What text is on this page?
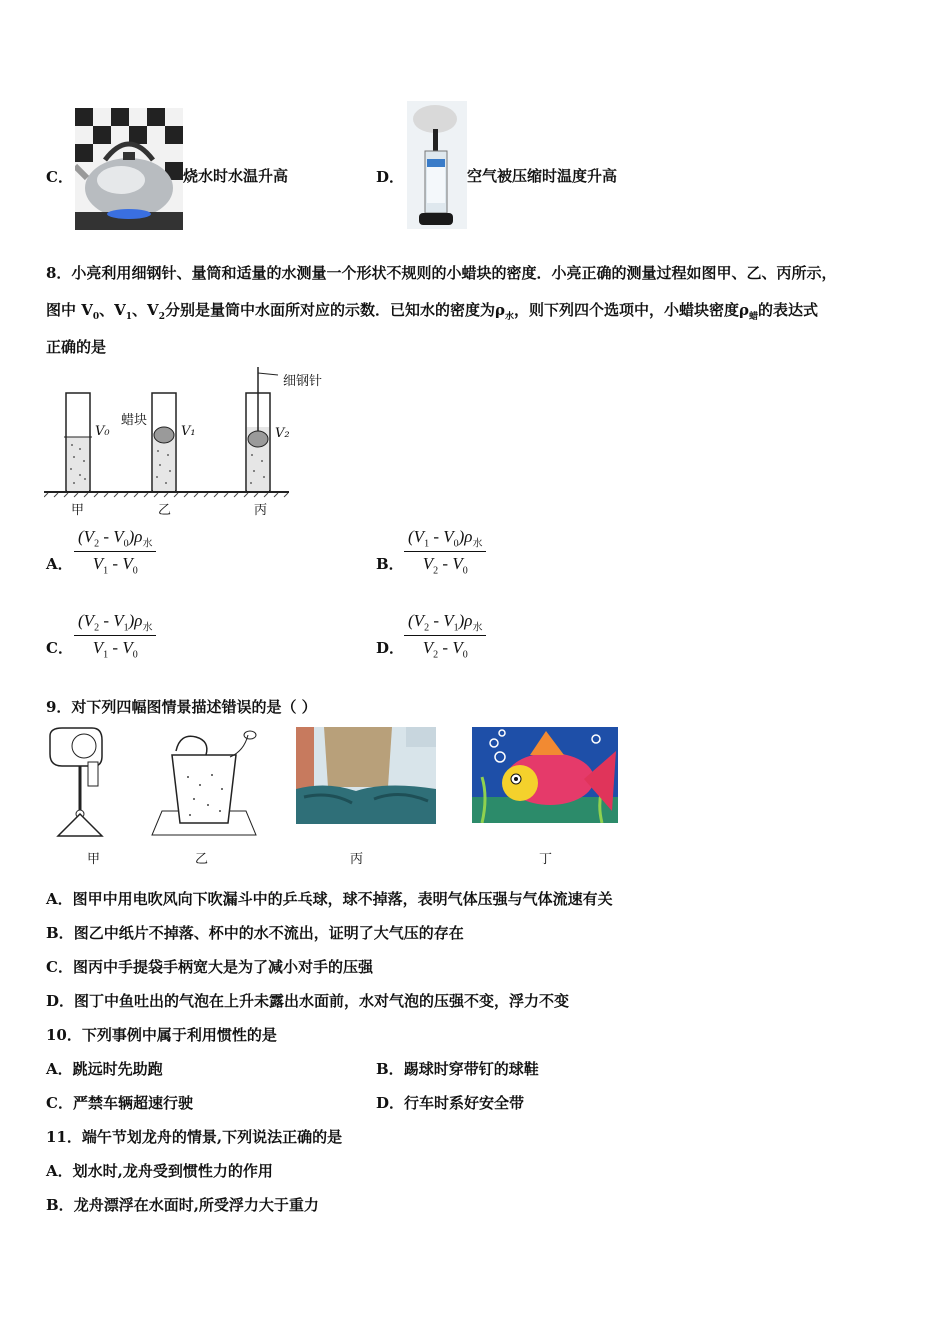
C．	烧水时水温升高	D．	空气被压缩时温度升高
8．小亮利用细钢针、量筒和适量的水测量一个形状不规则的小蜡块的密度．小亮正确的测量过程如图甲、乙、丙所示，
图中 $V_0$、$V_1$、$V_2$分别是量筒中水面所对应的示数．已知水的密度为$\rho_水$，则下列四个选项中，小蜡块密度$\rho_蜡$的表达式
正确的是
细钢针
蜡块
V₀	V₁	V₂
甲	乙	丙
A．
$(V_2 - V_0)\rho_水$
$V_1 - V_0$	B．
$(V_1 - V_0)\rho_水$
$V_2 - V_0$
C．
$(V_2 - V_1)\rho_水$
$V_1 - V_0$	D．
$(V_2 - V_1)\rho_水$
$V_2 - V_0$
9．对下列四幅图情景描述错误的是（ ）
甲	乙	丙	丁
A．图甲中用电吹风向下吹漏斗中的乒乓球，球不掉落，表明气体压强与气体流速有关
B．图乙中纸片不掉落、杯中的水不流出，证明了大气压的存在
C．图丙中手提袋手柄宽大是为了减小对手的压强
D．图丁中鱼吐出的气泡在上升未露出水面前，水对气泡的压强不变，浮力不变
10．下列事例中属于利用惯性的是
A．跳远时先助跑	B．踢球时穿带钉的球鞋
C．严禁车辆超速行驶	D．行车时系好安全带
11．端午节划龙舟的情景,下列说法正确的是
A．划水时,龙舟受到惯性力的作用
B．龙舟漂浮在水面时,所受浮力大于重力
